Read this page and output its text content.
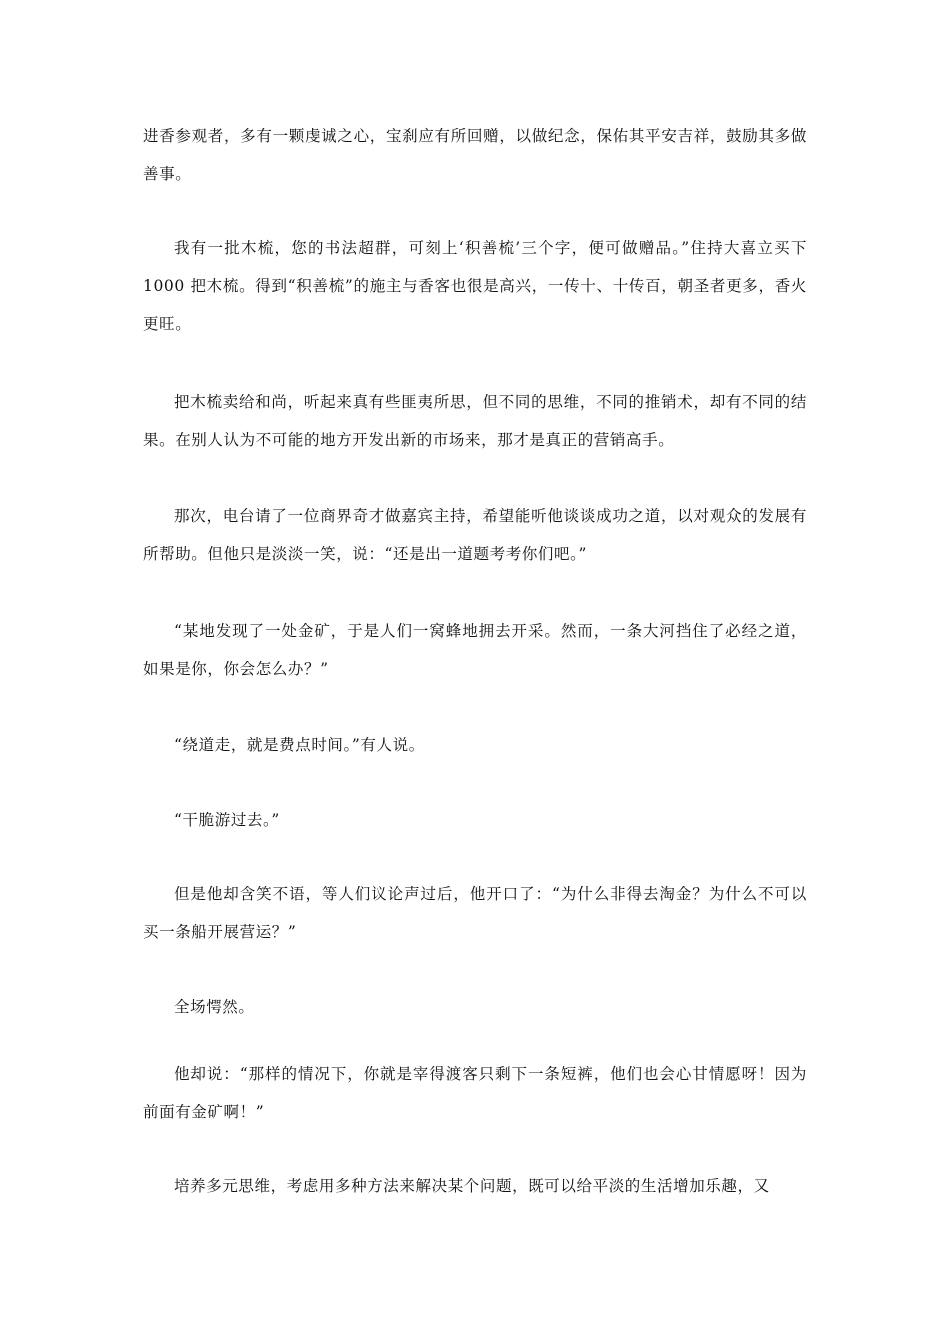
进香参观者，多有一颗虔诚之心，宝刹应有所回赠，以做纪念，保佑其平安吉祥，鼓励其多做善事。

我有一批木梳，您的书法超群，可刻上‘积善梳’三个字，便可做赠品。”住持大喜立买下 1000 把木梳。得到“积善梳”的施主与香客也很是高兴，一传十、十传百，朝圣者更多，香火更旺。

把木梳卖给和尚，听起来真有些匪夷所思，但不同的思维，不同的推销术，却有不同的结果。在别人认为不可能的地方开发出新的市场来，那才是真正的营销高手。

那次，电台请了一位商界奇才做嘉宾主持，希望能听他谈谈成功之道，以对观众的发展有所帮助。但他只是淡淡一笑，说：“还是出一道题考考你们吧。”

“某地发现了一处金矿，于是人们一窝蜂地拥去开采。然而，一条大河挡住了必经之道，如果是你，你会怎么办？”

“绕道走，就是费点时间。”有人说。

“干脆游过去。”

但是他却含笑不语，等人们议论声过后，他开口了：“为什么非得去淘金？为什么不可以买一条船开展营运？”

全场愕然。

他却说：“那样的情况下，你就是宰得渡客只剩下一条短裤，他们也会心甘情愿呀！因为前面有金矿啊！”

培养多元思维，考虑用多种方法来解决某个问题，既可以给平淡的生活增加乐趣，又
